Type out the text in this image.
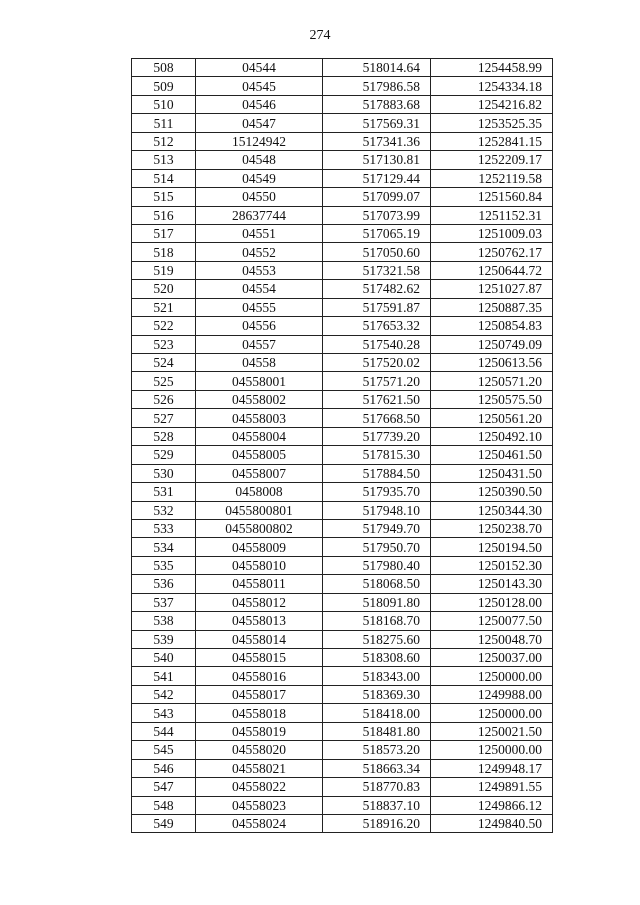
274
508	04544	518014.64	1254458.99
509	04545	517986.58	1254334.18
510	04546	517883.68	1254216.82
511	04547	517569.31	1253525.35
512	15124942	517341.36	1252841.15
513	04548	517130.81	1252209.17
514	04549	517129.44	1252119.58
515	04550	517099.07	1251560.84
516	28637744	517073.99	1251152.31
517	04551	517065.19	1251009.03
518	04552	517050.60	1250762.17
519	04553	517321.58	1250644.72
520	04554	517482.62	1251027.87
521	04555	517591.87	1250887.35
522	04556	517653.32	1250854.83
523	04557	517540.28	1250749.09
524	04558	517520.02	1250613.56
525	04558001	517571.20	1250571.20
526	04558002	517621.50	1250575.50
527	04558003	517668.50	1250561.20
528	04558004	517739.20	1250492.10
529	04558005	517815.30	1250461.50
530	04558007	517884.50	1250431.50
531	0458008	517935.70	1250390.50
532	0455800801	517948.10	1250344.30
533	0455800802	517949.70	1250238.70
534	04558009	517950.70	1250194.50
535	04558010	517980.40	1250152.30
536	04558011	518068.50	1250143.30
537	04558012	518091.80	1250128.00
538	04558013	518168.70	1250077.50
539	04558014	518275.60	1250048.70
540	04558015	518308.60	1250037.00
541	04558016	518343.00	1250000.00
542	04558017	518369.30	1249988.00
543	04558018	518418.00	1250000.00
544	04558019	518481.80	1250021.50
545	04558020	518573.20	1250000.00
546	04558021	518663.34	1249948.17
547	04558022	518770.83	1249891.55
548	04558023	518837.10	1249866.12
549	04558024	518916.20	1249840.50
